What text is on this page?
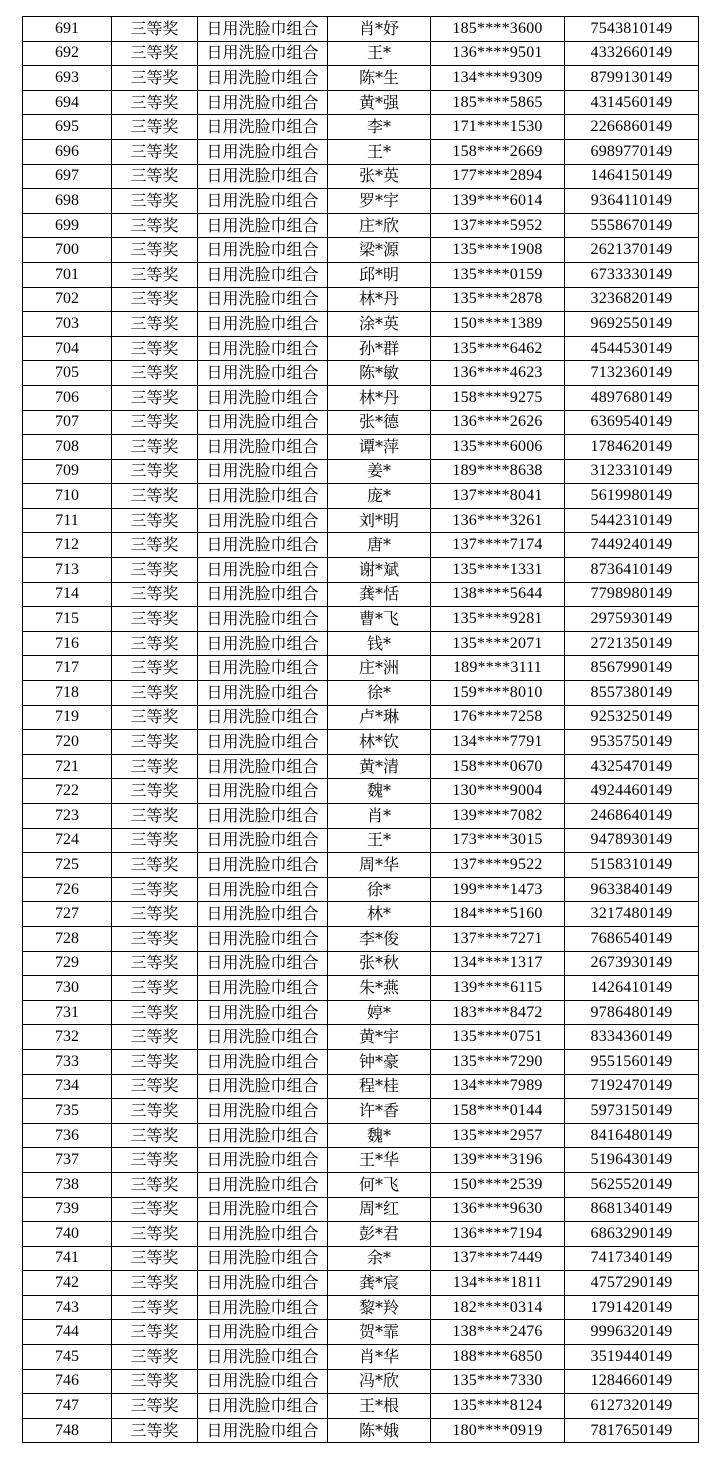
691	三等奖	日用洗脸巾组合	肖*妤	185****3600	7543810149
692	三等奖	日用洗脸巾组合	王*	136****9501	4332660149
693	三等奖	日用洗脸巾组合	陈*生	134****9309	8799130149
694	三等奖	日用洗脸巾组合	黄*强	185****5865	4314560149
695	三等奖	日用洗脸巾组合	李*	171****1530	2266860149
696	三等奖	日用洗脸巾组合	王*	158****2669	6989770149
697	三等奖	日用洗脸巾组合	张*英	177****2894	1464150149
698	三等奖	日用洗脸巾组合	罗*宇	139****6014	9364110149
699	三等奖	日用洗脸巾组合	庄*欣	137****5952	5558670149
700	三等奖	日用洗脸巾组合	梁*源	135****1908	2621370149
701	三等奖	日用洗脸巾组合	邱*明	135****0159	6733330149
702	三等奖	日用洗脸巾组合	林*丹	135****2878	3236820149
703	三等奖	日用洗脸巾组合	涂*英	150****1389	9692550149
704	三等奖	日用洗脸巾组合	孙*群	135****6462	4544530149
705	三等奖	日用洗脸巾组合	陈*敏	136****4623	7132360149
706	三等奖	日用洗脸巾组合	林*丹	158****9275	4897680149
707	三等奖	日用洗脸巾组合	张*德	136****2626	6369540149
708	三等奖	日用洗脸巾组合	谭*萍	135****6006	1784620149
709	三等奖	日用洗脸巾组合	姜*	189****8638	3123310149
710	三等奖	日用洗脸巾组合	庞*	137****8041	5619980149
711	三等奖	日用洗脸巾组合	刘*明	136****3261	5442310149
712	三等奖	日用洗脸巾组合	唐*	137****7174	7449240149
713	三等奖	日用洗脸巾组合	谢*斌	135****1331	8736410149
714	三等奖	日用洗脸巾组合	龚*恬	138****5644	7798980149
715	三等奖	日用洗脸巾组合	曹*飞	135****9281	2975930149
716	三等奖	日用洗脸巾组合	钱*	135****2071	2721350149
717	三等奖	日用洗脸巾组合	庄*洲	189****3111	8567990149
718	三等奖	日用洗脸巾组合	徐*	159****8010	8557380149
719	三等奖	日用洗脸巾组合	卢*琳	176****7258	9253250149
720	三等奖	日用洗脸巾组合	林*钦	134****7791	9535750149
721	三等奖	日用洗脸巾组合	黄*清	158****0670	4325470149
722	三等奖	日用洗脸巾组合	魏*	130****9004	4924460149
723	三等奖	日用洗脸巾组合	肖*	139****7082	2468640149
724	三等奖	日用洗脸巾组合	王*	173****3015	9478930149
725	三等奖	日用洗脸巾组合	周*华	137****9522	5158310149
726	三等奖	日用洗脸巾组合	徐*	199****1473	9633840149
727	三等奖	日用洗脸巾组合	林*	184****5160	3217480149
728	三等奖	日用洗脸巾组合	李*俊	137****7271	7686540149
729	三等奖	日用洗脸巾组合	张*秋	134****1317	2673930149
730	三等奖	日用洗脸巾组合	朱*燕	139****6115	1426410149
731	三等奖	日用洗脸巾组合	婷*	183****8472	9786480149
732	三等奖	日用洗脸巾组合	黄*宇	135****0751	8334360149
733	三等奖	日用洗脸巾组合	钟*豪	135****7290	9551560149
734	三等奖	日用洗脸巾组合	程*桂	134****7989	7192470149
735	三等奖	日用洗脸巾组合	许*香	158****0144	5973150149
736	三等奖	日用洗脸巾组合	魏*	135****2957	8416480149
737	三等奖	日用洗脸巾组合	王*华	139****3196	5196430149
738	三等奖	日用洗脸巾组合	何*飞	150****2539	5625520149
739	三等奖	日用洗脸巾组合	周*红	136****9630	8681340149
740	三等奖	日用洗脸巾组合	彭*君	136****7194	6863290149
741	三等奖	日用洗脸巾组合	余*	137****7449	7417340149
742	三等奖	日用洗脸巾组合	龚*宸	134****1811	4757290149
743	三等奖	日用洗脸巾组合	黎*羚	182****0314	1791420149
744	三等奖	日用洗脸巾组合	贺*霏	138****2476	9996320149
745	三等奖	日用洗脸巾组合	肖*华	188****6850	3519440149
746	三等奖	日用洗脸巾组合	冯*欣	135****7330	1284660149
747	三等奖	日用洗脸巾组合	王*根	135****8124	6127320149
748	三等奖	日用洗脸巾组合	陈*娥	180****0919	7817650149
